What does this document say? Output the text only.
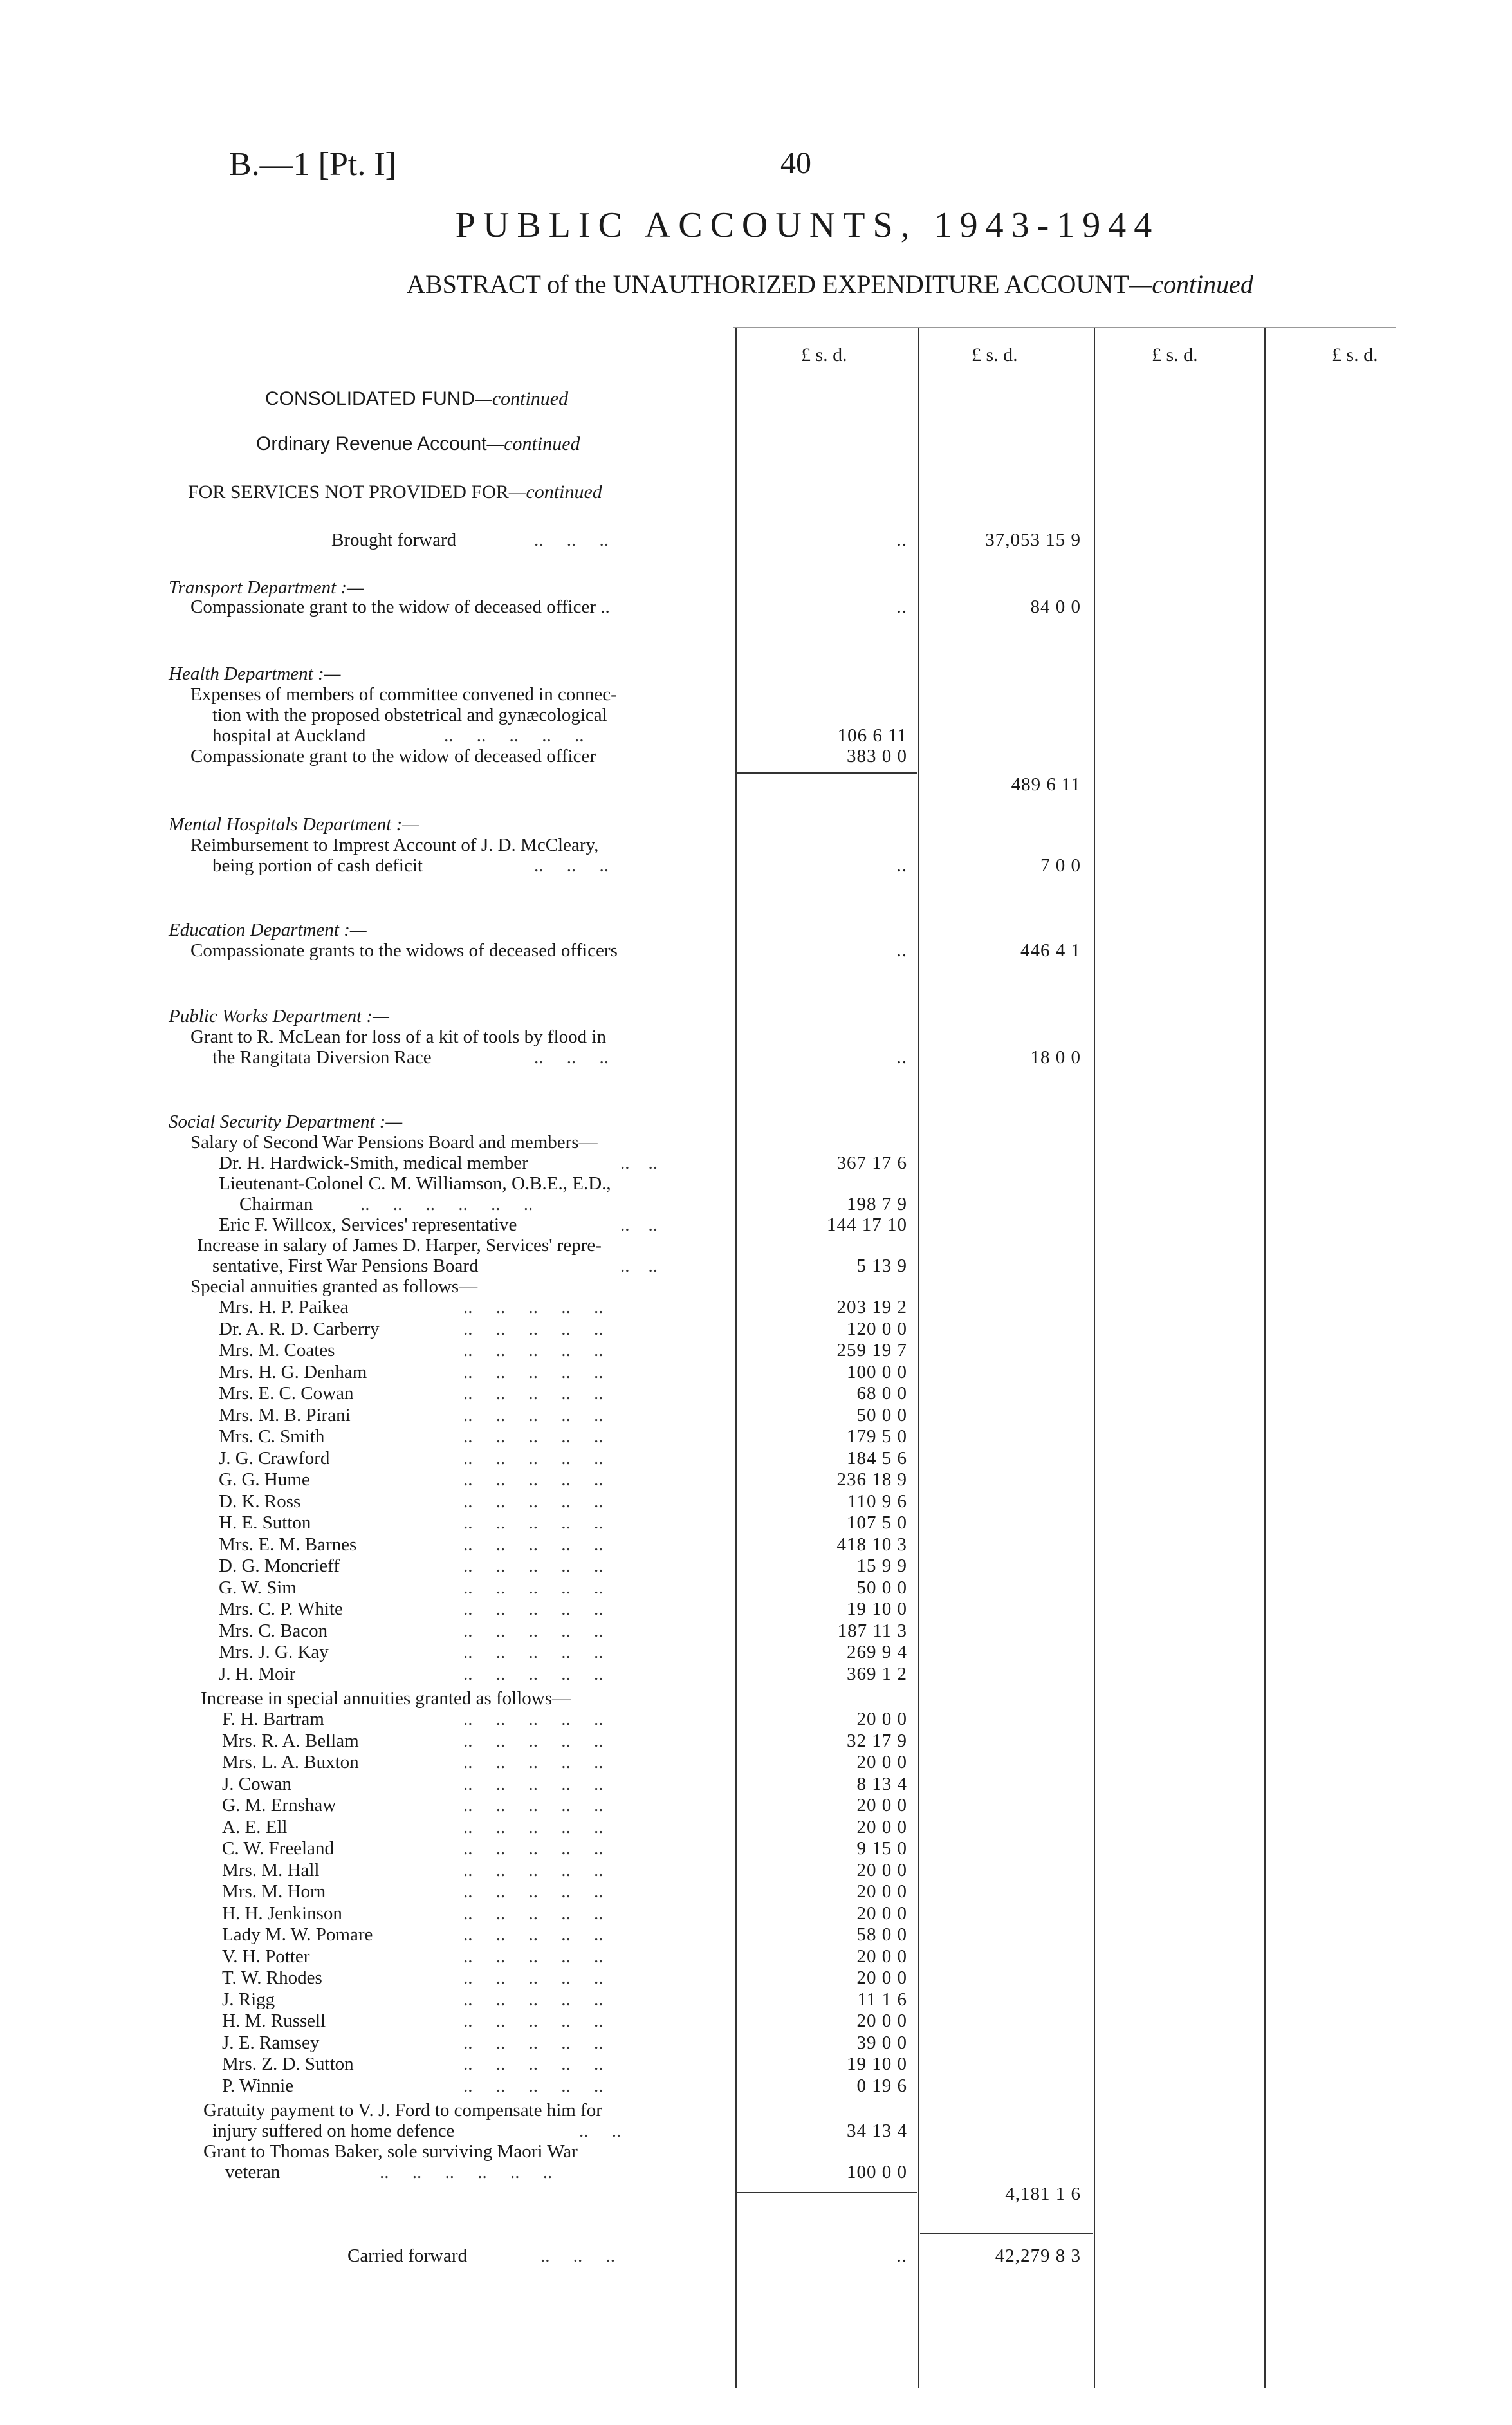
B.—1 [Pt. I]	40
PUBLIC ACCOUNTS, 1943-1944
ABSTRACT of the UNAUTHORIZED EXPENDITURE ACCOUNT—continued
£ s. d.	£ s. d.	£ s. d.	£ s. d.
CONSOLIDATED FUND—continued
Ordinary Revenue Account—continued
FOR SERVICES NOT PROVIDED FOR—continued
Brought forward	..     ..     ..	..	37,053 15 9
Transport Department :—
Compassionate grant to the widow of deceased officer ..	..	84 0 0
Health Department :—
Expenses of members of committee convened in connec-
tion with the proposed obstetrical and gynæcological
hospital at Auckland	..     ..     ..     ..     ..	106 6 11
Compassionate grant to the widow of deceased officer	383 0 0
489 6 11
Mental Hospitals Department :—
Reimbursement to Imprest Account of J. D. McCleary,
being portion of cash deficit	..     ..     ..	..	7 0 0
Education Department :—
Compassionate grants to the widows of deceased officers	..	446 4 1
Public Works Department :—
Grant to R. McLean for loss of a kit of tools by flood in
the Rangitata Diversion Race	..     ..     ..	..	18 0 0
Social Security Department :—
Salary of Second War Pensions Board and members—
Dr. H. Hardwick-Smith, medical member	..    ..	367 17 6
Lieutenant-Colonel C. M. Williamson, O.B.E., E.D.,
Chairman	..     ..     ..     ..     ..     ..	198 7 9
Eric F. Willcox, Services' representative	..    ..	144 17 10
Increase in salary of James D. Harper, Services' repre-
sentative, First War Pensions Board	..    ..	5 13 9
Special annuities granted as follows—
Mrs. H. P. Paikea	..     ..     ..     ..     ..	203 19 2
Dr. A. R. D. Carberry	..     ..     ..     ..     ..	120 0 0
Mrs. M. Coates	..     ..     ..     ..     ..	259 19 7
Mrs. H. G. Denham	..     ..     ..     ..     ..	100 0 0
Mrs. E. C. Cowan	..     ..     ..     ..     ..	68 0 0
Mrs. M. B. Pirani	..     ..     ..     ..     ..	50 0 0
Mrs. C. Smith	..     ..     ..     ..     ..	179 5 0
J. G. Crawford	..     ..     ..     ..     ..	184 5 6
G. G. Hume	..     ..     ..     ..     ..	236 18 9
D. K. Ross	..     ..     ..     ..     ..	110 9 6
H. E. Sutton	..     ..     ..     ..     ..	107 5 0
Mrs. E. M. Barnes	..     ..     ..     ..     ..	418 10 3
D. G. Moncrieff	..     ..     ..     ..     ..	15 9 9
G. W. Sim	..     ..     ..     ..     ..	50 0 0
Mrs. C. P. White	..     ..     ..     ..     ..	19 10 0
Mrs. C. Bacon	..     ..     ..     ..     ..	187 11 3
Mrs. J. G. Kay	..     ..     ..     ..     ..	269 9 4
J. H. Moir	..     ..     ..     ..     ..	369 1 2
Increase in special annuities granted as follows—
F. H. Bartram	..     ..     ..     ..     ..	20 0 0
Mrs. R. A. Bellam	..     ..     ..     ..     ..	32 17 9
Mrs. L. A. Buxton	..     ..     ..     ..     ..	20 0 0
J. Cowan	..     ..     ..     ..     ..	8 13 4
G. M. Ernshaw	..     ..     ..     ..     ..	20 0 0
A. E. Ell	..     ..     ..     ..     ..	20 0 0
C. W. Freeland	..     ..     ..     ..     ..	9 15 0
Mrs. M. Hall	..     ..     ..     ..     ..	20 0 0
Mrs. M. Horn	..     ..     ..     ..     ..	20 0 0
H. H. Jenkinson	..     ..     ..     ..     ..	20 0 0
Lady M. W. Pomare	..     ..     ..     ..     ..	58 0 0
V. H. Potter	..     ..     ..     ..     ..	20 0 0
T. W. Rhodes	..     ..     ..     ..     ..	20 0 0
J. Rigg	..     ..     ..     ..     ..	11 1 6
H. M. Russell	..     ..     ..     ..     ..	20 0 0
J. E. Ramsey	..     ..     ..     ..     ..	39 0 0
Mrs. Z. D. Sutton	..     ..     ..     ..     ..	19 10 0
P. Winnie	..     ..     ..     ..     ..	0 19 6
Gratuity payment to V. J. Ford to compensate him for
injury suffered on home defence	..     ..	34 13 4
Grant to Thomas Baker, sole surviving Maori War
veteran	..     ..     ..     ..     ..     ..	100 0 0
4,181 1 6
Carried forward	..     ..     ..	..	42,279 8 3
